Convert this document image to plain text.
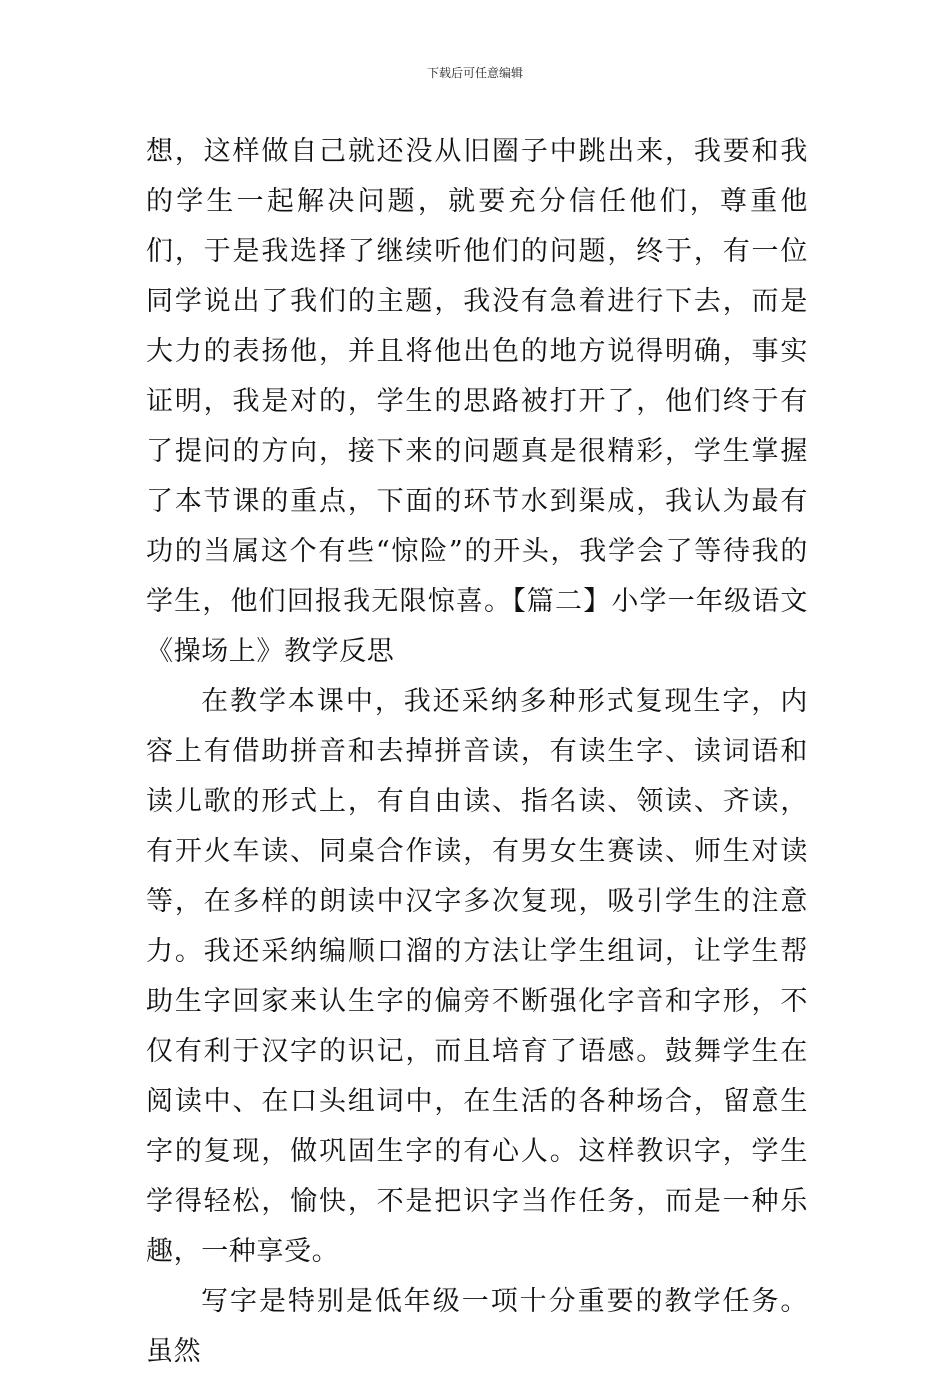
下载后可任意编辑

想，这样做自己就还没从旧圈子中跳出来，我要和我的学生一起解决问题，就要充分信任他们，尊重他们，于是我选择了继续听他们的问题，终于，有一位同学说出了我们的主题，我没有急着进行下去，而是大力的表扬他，并且将他出色的地方说得明确，事实证明，我是对的，学生的思路被打开了，他们终于有了提问的方向，接下来的问题真是很精彩，学生掌握了本节课的重点，下面的环节水到渠成，我认为最有功的当属这个有些“惊险”的开头，我学会了等待我的学生，他们回报我无限惊喜。【篇二】小学一年级语文《操场上》教学反思

在教学本课中，我还采纳多种形式复现生字，内容上有借助拼音和去掉拼音读，有读生字、读词语和读儿歌的形式上，有自由读、指名读、领读、齐读，有开火车读、同桌合作读，有男女生赛读、师生对读等，在多样的朗读中汉字多次复现，吸引学生的注意力。我还采纳编顺口溜的方法让学生组词，让学生帮助生字回家来认生字的偏旁不断强化字音和字形，不仅有利于汉字的识记，而且培育了语感。鼓舞学生在阅读中、在口头组词中，在生活的各种场合，留意生字的复现，做巩固生字的有心人。这样教识字，学生学得轻松，愉快，不是把识字当作任务，而是一种乐趣，一种享受。

写字是特别是低年级一项十分重要的教学任务。虽然
